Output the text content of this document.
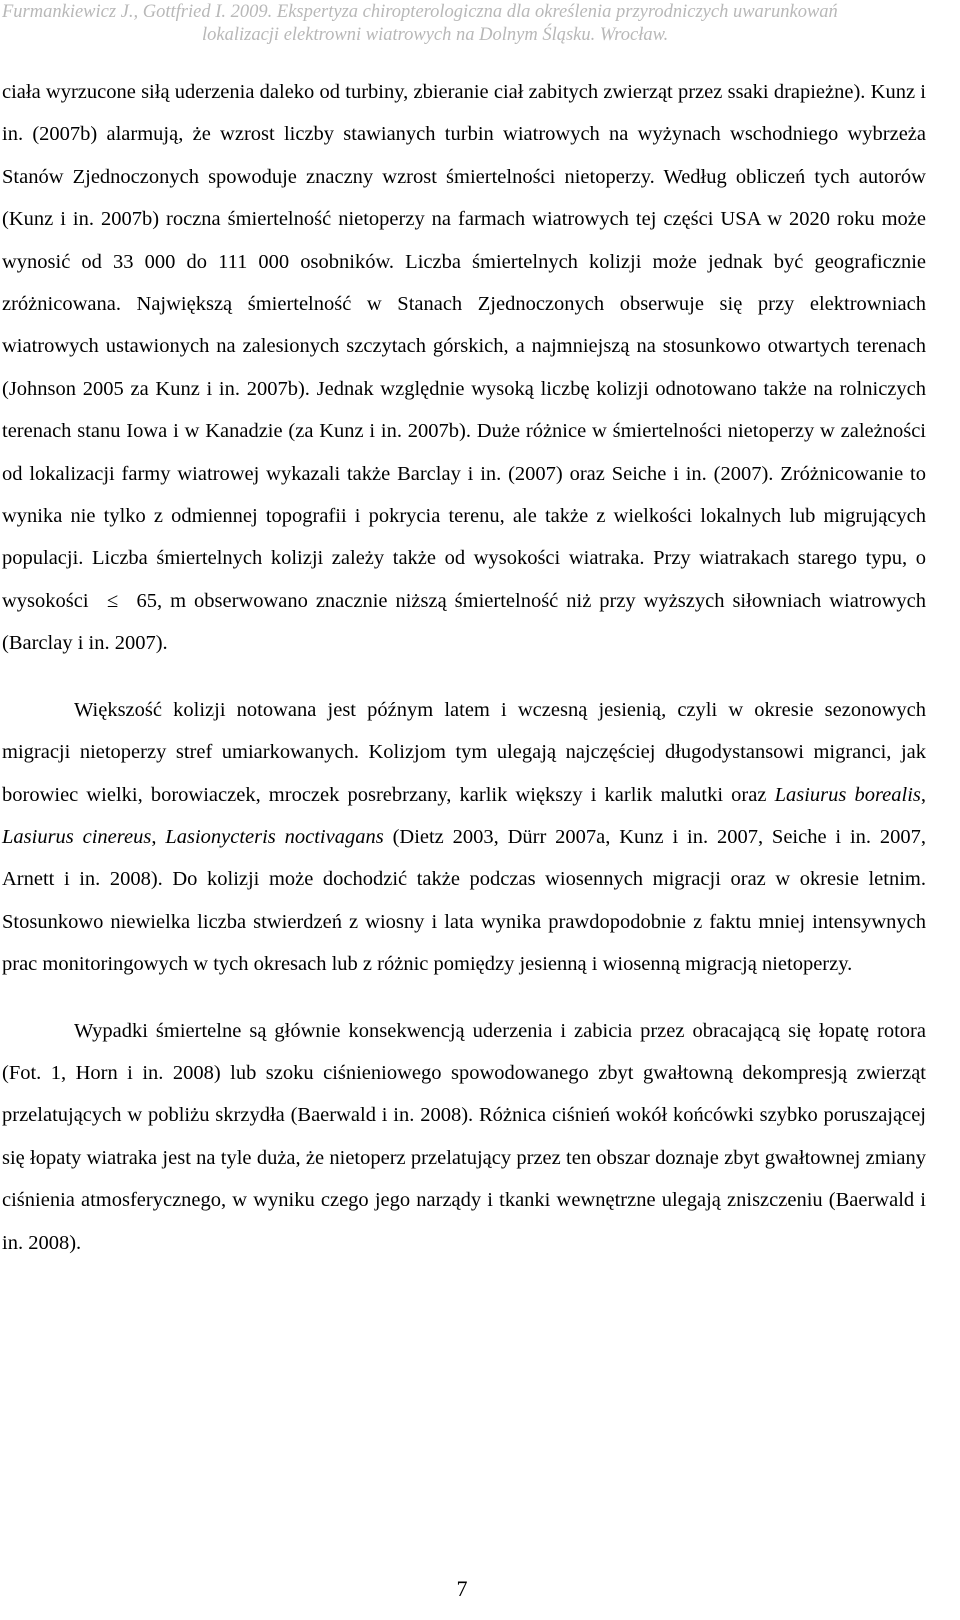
Furmankiewicz J., Gottfried I. 2009. Ekspertyza chiropterologiczna dla określenia przyrodniczych uwarunkowań
lokalizacji elektrowni wiatrowych na Dolnym Śląsku. Wrocław.

ciała wyrzucone siłą uderzenia daleko od turbiny, zbieranie ciał zabitych zwierząt przez ssaki drapieżne). Kunz i in. (2007b) alarmują, że wzrost liczby stawianych turbin wiatrowych na wyżynach wschodniego wybrzeża Stanów Zjednoczonych spowoduje znaczny wzrost śmiertelności nietoperzy. Według obliczeń tych autorów (Kunz i in. 2007b) roczna śmiertelność nietoperzy na farmach wiatrowych tej części USA w 2020 roku może wynosić od 33 000 do 111 000 osobników. Liczba śmiertelnych kolizji może jednak być geograficznie zróżnicowana. Największą śmiertelność w Stanach Zjednoczonych obserwuje się przy elektrowniach wiatrowych ustawionych na zalesionych szczytach górskich, a najmniejszą na stosunkowo otwartych terenach (Johnson 2005 za Kunz i in. 2007b). Jednak względnie wysoką liczbę kolizji odnotowano także na rolniczych terenach stanu Iowa i w Kanadzie (za Kunz i in. 2007b). Duże różnice w śmiertelności nietoperzy w zależności od lokalizacji farmy wiatrowej wykazali także Barclay i in. (2007) oraz Seiche i in. (2007). Zróżnicowanie to wynika nie tylko z odmiennej topografii i pokrycia terenu, ale także z wielkości lokalnych lub migrujących populacji. Liczba śmiertelnych kolizji zależy także od wysokości wiatraka. Przy wiatrakach starego typu, o wysokości ≤ 65, m obserwowano znacznie niższą śmiertelność niż przy wyższych siłowniach wiatrowych (Barclay i in. 2007).

Większość kolizji notowana jest późnym latem i wczesną jesienią, czyli w okresie sezonowych migracji nietoperzy stref umiarkowanych. Kolizjom tym ulegają najczęściej długodystansowi migranci, jak borowiec wielki, borowiaczek, mroczek posrebrzany, karlik większy i karlik malutki oraz Lasiurus borealis, Lasiurus cinereus, Lasionycteris noctivagans (Dietz 2003, Dürr 2007a, Kunz i in. 2007, Seiche i in. 2007, Arnett i in. 2008). Do kolizji może dochodzić także podczas wiosennych migracji oraz w okresie letnim. Stosunkowo niewielka liczba stwierdzeń z wiosny i lata wynika prawdopodobnie z faktu mniej intensywnych prac monitoringowych w tych okresach lub z różnic pomiędzy jesienną i wiosenną migracją nietoperzy.

Wypadki śmiertelne są głównie konsekwencją uderzenia i zabicia przez obracającą się łopatę rotora (Fot. 1, Horn i in. 2008) lub szoku ciśnieniowego spowodowanego zbyt gwałtowną dekompresją zwierząt przelatujących w pobliżu skrzydła (Baerwald i in. 2008). Różnica ciśnień wokół końcówki szybko poruszającej się łopaty wiatraka jest na tyle duża, że nietoperz przelatujący przez ten obszar doznaje zbyt gwałtownej zmiany ciśnienia atmosferycznego, w wyniku czego jego narządy i tkanki wewnętrzne ulegają zniszczeniu (Baerwald i in. 2008).

7
